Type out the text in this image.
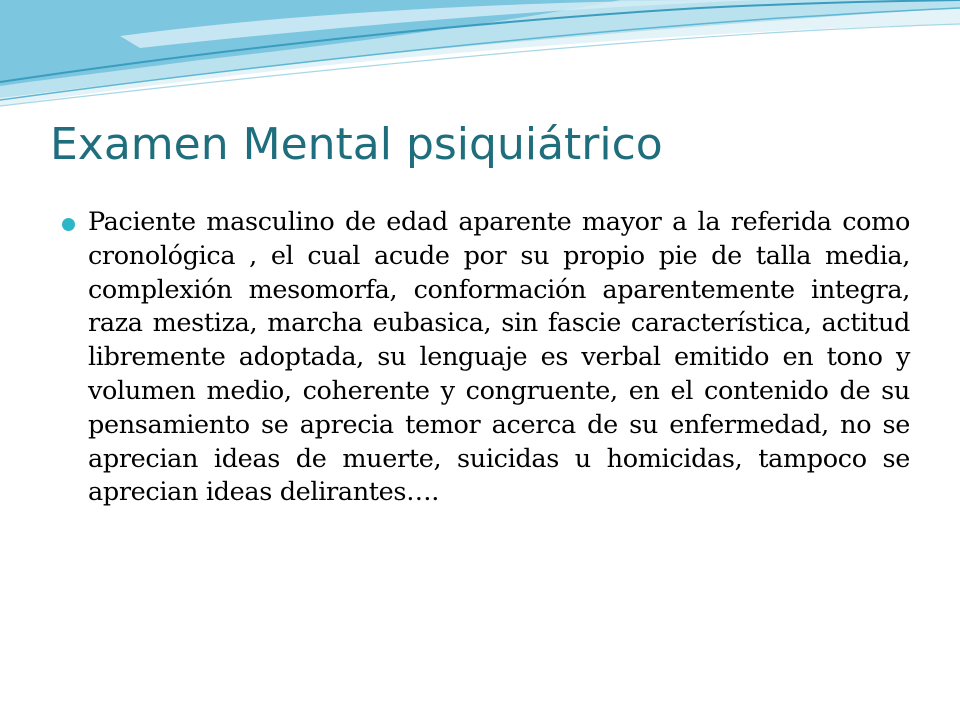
Examen Mental psiquiátrico

Paciente masculino de edad aparente mayor a la referida como cronológica , el cual acude por su propio pie de talla media, complexión mesomorfa, conformación aparentemente integra, raza mestiza, marcha eubasica, sin fascie característica, actitud libremente adoptada, su lenguaje es verbal emitido en tono y volumen medio, coherente y congruente, en el contenido de su pensamiento se aprecia temor acerca de su enfermedad, no se aprecian ideas de muerte, suicidas u homicidas, tampoco se aprecian ideas delirantes….
